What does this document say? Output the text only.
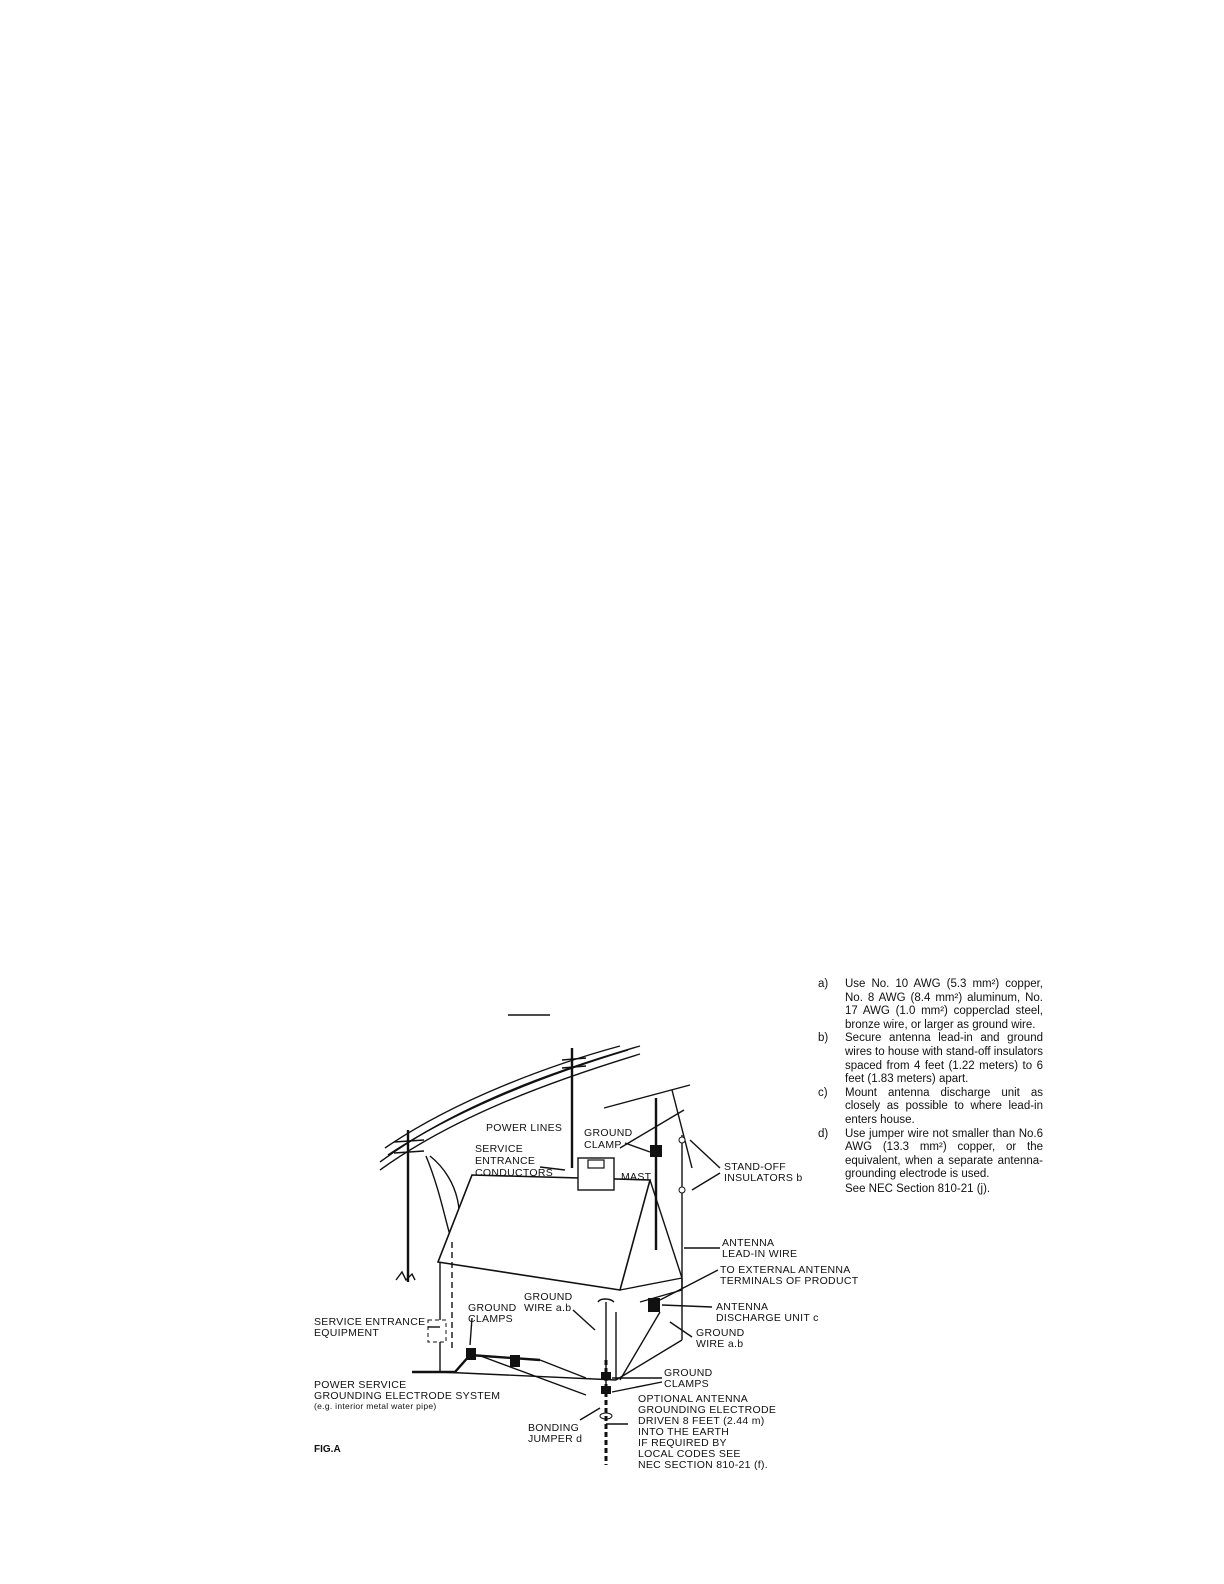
POWER LINES
SERVICE ENTRANCE CONDUCTORS
GROUND CLAMP
MAST
STAND-OFF INSULATORS b
ANTENNA LEAD-IN WIRE
TO EXTERNAL ANTENNA TERMINALS OF PRODUCT
GROUND WIRE a.b	ANTENNA DISCHARGE UNIT c
SERVICE ENTRANCE EQUIPMENT
GROUND CLAMPS
GROUND WIRE a.b
GROUND CLAMPS
POWER SERVICE GROUNDING ELECTRODE SYSTEM (e.g. interior metal water pipe)
OPTIONAL ANTENNA GROUNDING ELECTRODE DRIVEN 8 FEET (2.44 m) INTO THE EARTH IF REQUIRED BY LOCAL CODES SEE NEC SECTION 810-21 (f).
BONDING JUMPER d
FIG.A
a)	Use No. 10 AWG (5.3 mm²) copper, No. 8 AWG (8.4 mm²) aluminum, No. 17 AWG (1.0 mm²) copperclad steel, bronze wire, or larger as ground wire.
b)	Secure antenna lead-in and ground wires to house with stand-off insulators spaced from 4 feet (1.22 meters) to 6 feet (1.83 meters) apart.
c)	Mount antenna discharge unit as closely as possible to where lead-in enters house.
d)	Use jumper wire not smaller than No.6 AWG (13.3 mm²) copper, or the equivalent, when a separate antenna-grounding electrode is used.
See NEC Section 810-21 (j).
